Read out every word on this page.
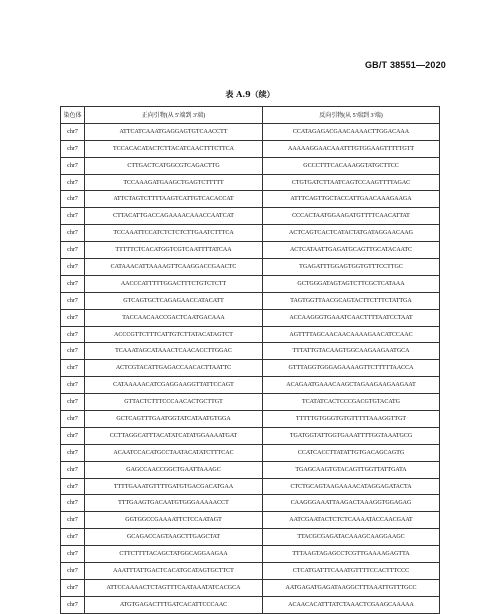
GB/T 38551—2020
表 A.9（续）
染色体	正向引物(从 5′端到 3′端)	反向引物(从 5′端到 3′端)
chr7	ATTCATCAAATGAGGAGTGTCAACCTT	CCATAGAGACGAACAAAACTTGGACAAA
chr7	TCCACACATACTCTTACATCAACTTTCTTCA	AAAAAGGAACAAATTTGTGGAAGTTTTTGTT
chr7	CTTGACTCATGGCGTCAGACTTG	GCCCTTTCACAAAGGTATGCTTCC
chr7	TCCAAAGATGAAGCTGAGTCTTTTT	CTGTGATCTTAATCAGTCCAAGTTTTAGAC
chr7	ATTCTAGTCTTTTAAGTCATTGTCACACCAT	ATTTCAGTTGCTACCATTGAACAAAGAAGA
chr7	CTTACATTGACCAGAAAACAAACCAATCAT	CCCACTAATGGAAGATGTTTTCAACATTAT
chr7	TCCAAATTCCATCTCTCTCTTGAATCTTTCA	ACTCAGTCACTCATACTATGATAGGAACAAG
chr7	TTTTTCTCACATGGTCGTCAATTTTATCAA	ACTCATAATTGAGATGCAGTTGCATACAATC
chr7	CATAAACATTAAAAGTTCAAGGACCGAACTC	TGAGATTTGGAGTGGTGTTTCCTTGC
chr7	AACCCATTTTTGGACTTTCTGTCTCTT	GCTGGGATAGTAGTCTTCGCTCATAAA
chr7	GTCAGTGCTCAGAGAACCATACATT	TAGTGGTTAACGCAGTACTTCTTTCTATTGA
chr7	TACCAACAACCGACTCAATGACAAA	ACCAAGGGTGAAATCAACTTTTAATCCTAAT
chr7	ACCCGTTCTTTCATTGTCTTATACATAGTCT	AGTTTTAGCAACAACAAAAGAACATCCAAC
chr7	TCAAATAGCATAAACTCAACACCTTGGAC	TTTATTGTACAAGTGGCAAGAAGAATGCA
chr7	ACTCGTACATTGAGACCAACACTTAATTC	GTTTAGGTGGGAGAAAAGTTCTTTTTAACCA
chr7	CATAAAAACATCGAGGAAGGTTATTCCAGT	ACAGAATGAAACAAGCTAGAAGAAGAAGAAT
chr7	GTTACTCTTTCCCAACACTGCTTGT	TCATATCACTCCCGACGTGTACATG
chr7	GCTCAGTTTGAATGGTATCATAATGTGGA	TTTTTGTGGGTGTGTTTTTAAAGGTTGT
chr7	CCTTAGGCATTTACATATCATATGGAAAATGAT	TGATGGTATTGGTGAAATTTTGGTAAATGCG
chr7	ACAATCCACATGCCTAATACATATCTTTCAC	CCATCACCTTATATTGTGACAGCAGTG
chr7	GAGCCAACCGGCTGAATTAAAGC	TGAGCAAGTGTACAGTTGGTTATTGATA
chr7	TTTTGAAATGTTTTGATGTGACGACATGAA	CTCTGCAGTAAGAAAACATAGGAGATACTA
chr7	TTTGAAGTGACAATGTGGGAAAAACCT	CAAGGGAAATTAAGACTAAAGGTGGAGAG
chr7	GGTGGCCGAAAATTCTCCAATAGT	AATCGAATACTCTCTCAAAATACCAACGAAT
chr7	GCAGACCAGTAAGCTTGAGCTAT	TTACGCGAGATACAAAGCAAGGAAGC
chr7	CTTCTTTTACAGCTATGGCAGGAAGAA	TTTAAGTAGAGCCTCGTTGAAAAGAGTTA
chr7	AAATTTATTGACTCACATGCATAGTGCTTCT	CTCATGATTTCAAATGTTTTCCACTTTCCC
chr7	ATTCCAAAACTCTAGTTTCAATAAATATCACGCA	AATGAGATGAGATAAGGCTTTAAATTGTTTGCC
chr7	ATGTGAGACTTTGATCACATTCCCAAC	ACAACACATTTATCTAAACTCGAAGCAAAAA
